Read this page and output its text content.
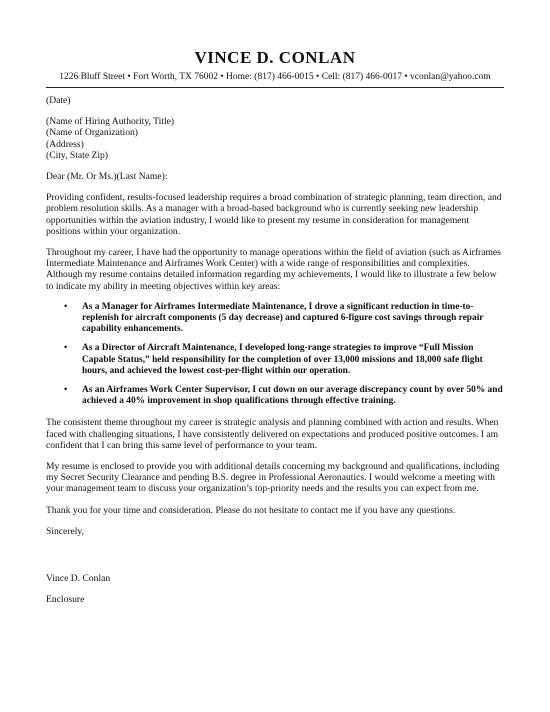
VINCE D. CONLAN

1226 Bluff Street • Fort Worth, TX 76002 • Home: (817) 466-0015 • Cell: (817) 466-0017 • vconlan@yahoo.com

(Date)

(Name of Hiring Authority, Title)

(Name of Organization)

(Address)

(City, State Zip)

Dear (Mr. Or Ms.)(Last Name):

Providing confident, results-focused leadership requires a broad combination of strategic planning, team direction, and problem resolution skills. As a manager with a broad-based background who is currently seeking new leadership opportunities within the aviation industry, I would like to present my resume in consideration for management positions within your organization.

Throughout my career, I have had the opportunity to manage operations within the field of aviation (such as Airframes Intermediate Maintenance and Airframes Work Center) with a wide range of responsibilities and complexities. Although my resume contains detailed information regarding my achievements, I would like to illustrate a few below to indicate my ability in meeting objectives within key areas:

• As a Manager for Airframes Intermediate Maintenance, I drove a significant reduction in time-to-replenish for aircraft components (5 day decrease) and captured 6-figure cost savings through repair capability enhancements.
• As a Director of Aircraft Maintenance, I developed long-range strategies to improve “Full Mission Capable Status,” held responsibility for the completion of over 13,000 missions and 18,000 safe flight hours, and achieved the lowest cost-per-flight within our operation.
• As an Airframes Work Center Supervisor, I cut down on our average discrepancy count by over 50% and achieved a 40% improvement in shop qualifications through effective training.

The consistent theme throughout my career is strategic analysis and planning combined with action and results. When faced with challenging situations, I have consistently delivered on expectations and produced positive outcomes. I am confident that I can bring this same level of performance to your team.

My resume is enclosed to provide you with additional details concerning my background and qualifications, including my Secret Security Clearance and pending B.S. degree in Professional Aeronautics. I would welcome a meeting with your management team to discuss your organization’s top-priority needs and the results you can expect from me.

Thank you for your time and consideration. Please do not hesitate to contact me if you have any questions.

Sincerely,

Vince D. Conlan

Enclosure
